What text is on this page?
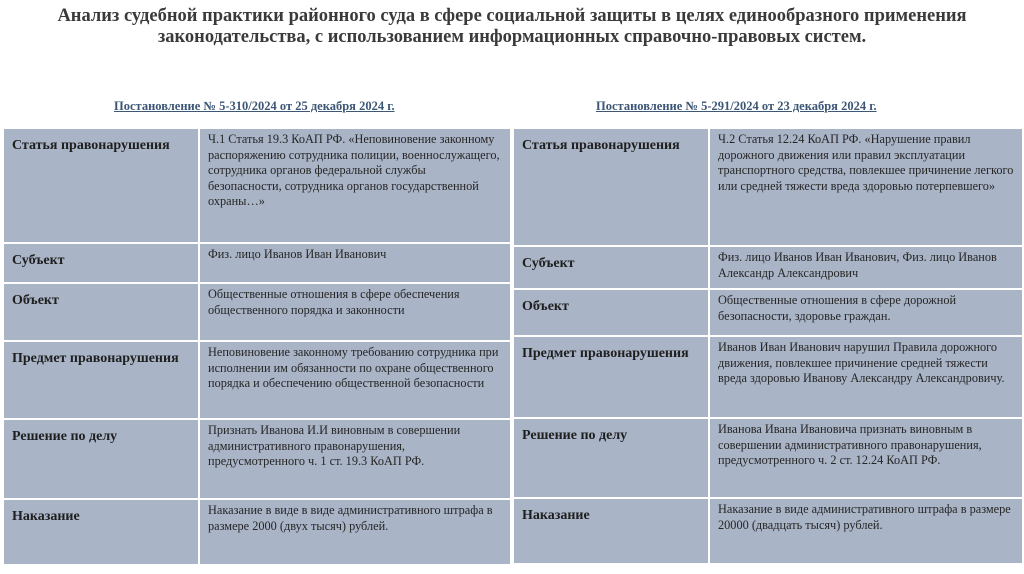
Анализ судебной практики районного суда в сфере социальной защиты в целях единообразного применения законодательства, с использованием информационных справочно-правовых систем.
Постановление № 5-310/2024 от 25 декабря 2024 г.	Постановление № 5-291/2024 от 23 декабря 2024 г.
Статья правонарушения	Ч.1 Статья 19.3 КоАП РФ. «Неповиновение законному распоряжению сотрудника полиции, военнослужащего, сотрудника органов федеральной службы безопасности, сотрудника органов государственной охраны…»
Субъект	Физ. лицо Иванов Иван Иванович
Объект	Общественные отношения в сфере обеспечения общественного порядка и законности
Предмет правонарушения	Неповиновение законному требованию сотрудника при исполнении им обязанности по охране общественного порядка и обеспечению общественной безопасности
Решение по делу	Признать Иванова И.И виновным в совершении административного правонарушения, предусмотренного ч. 1 ст. 19.3 КоАП РФ.
Наказание	Наказание в виде в виде административного штрафа в размере 2000 (двух тысяч) рублей.
Статья правонарушения	Ч.2 Статья 12.24 КоАП РФ. «Нарушение правил дорожного движения или правил эксплуатации транспортного средства, повлекшее причинение легкого или средней тяжести вреда здоровью потерпевшего»
Субъект	Физ. лицо Иванов Иван Иванович, Физ. лицо Иванов Александр Александрович
Объект	Общественные отношения в сфере дорожной безопасности, здоровье граждан.
Предмет правонарушения	Иванов Иван Иванович нарушил Правила дорожного движения, повлекшее причинение средней тяжести вреда здоровью Иванову Александру Александровичу.
Решение по делу	Иванова Ивана Ивановича признать виновным в совершении административного правонарушения, предусмотренного ч. 2 ст. 12.24 КоАП РФ.
Наказание	Наказание в виде административного штрафа в размере 20000 (двадцать тысяч) рублей.
